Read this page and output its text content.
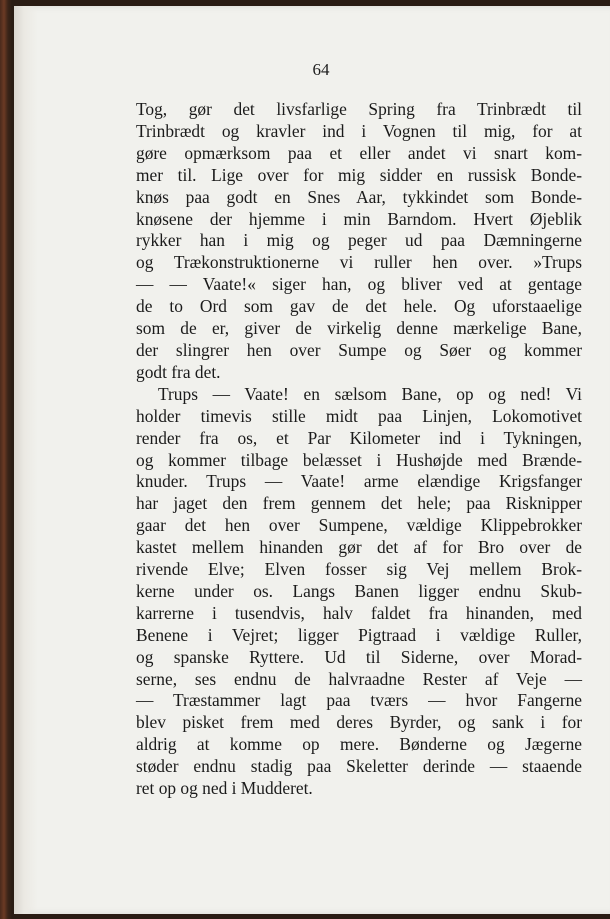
64
Tog, gør det livsfarlige Spring fra Trinbrædt til
Trinbrædt og kravler ind i Vognen til mig, for at
gøre opmærksom paa et eller andet vi snart kom-
mer til. Lige over for mig sidder en russisk Bonde-
knøs paa godt en Snes Aar, tykkindet som Bonde-
knøsene der hjemme i min Barndom. Hvert Øjeblik
rykker han i mig og peger ud paa Dæmningerne
og Trækonstruktionerne vi ruller hen over. »Trups
— — Vaate!« siger han, og bliver ved at gentage
de to Ord som gav de det hele. Og uforstaaelige
som de er, giver de virkelig denne mærkelige Bane,
der slingrer hen over Sumpe og Søer og kommer
godt fra det.
Trups — Vaate! en sælsom Bane, op og ned! Vi
holder timevis stille midt paa Linjen, Lokomotivet
render fra os, et Par Kilometer ind i Tykningen,
og kommer tilbage belæsset i Hushøjde med Brænde-
knuder. Trups — Vaate! arme elændige Krigsfanger
har jaget den frem gennem det hele; paa Risknipper
gaar det hen over Sumpene, vældige Klippebrokker
kastet mellem hinanden gør det af for Bro over de
rivende Elve; Elven fosser sig Vej mellem Brok-
kerne under os. Langs Banen ligger endnu Skub-
karrerne i tusendvis, halv faldet fra hinanden, med
Benene i Vejret; ligger Pigtraad i vældige Ruller,
og spanske Ryttere. Ud til Siderne, over Morad-
serne, ses endnu de halvraadne Rester af Veje —
— Træstammer lagt paa tværs — hvor Fangerne
blev pisket frem med deres Byrder, og sank i for
aldrig at komme op mere. Bønderne og Jægerne
støder endnu stadig paa Skeletter derinde — staaende
ret op og ned i Mudderet.
